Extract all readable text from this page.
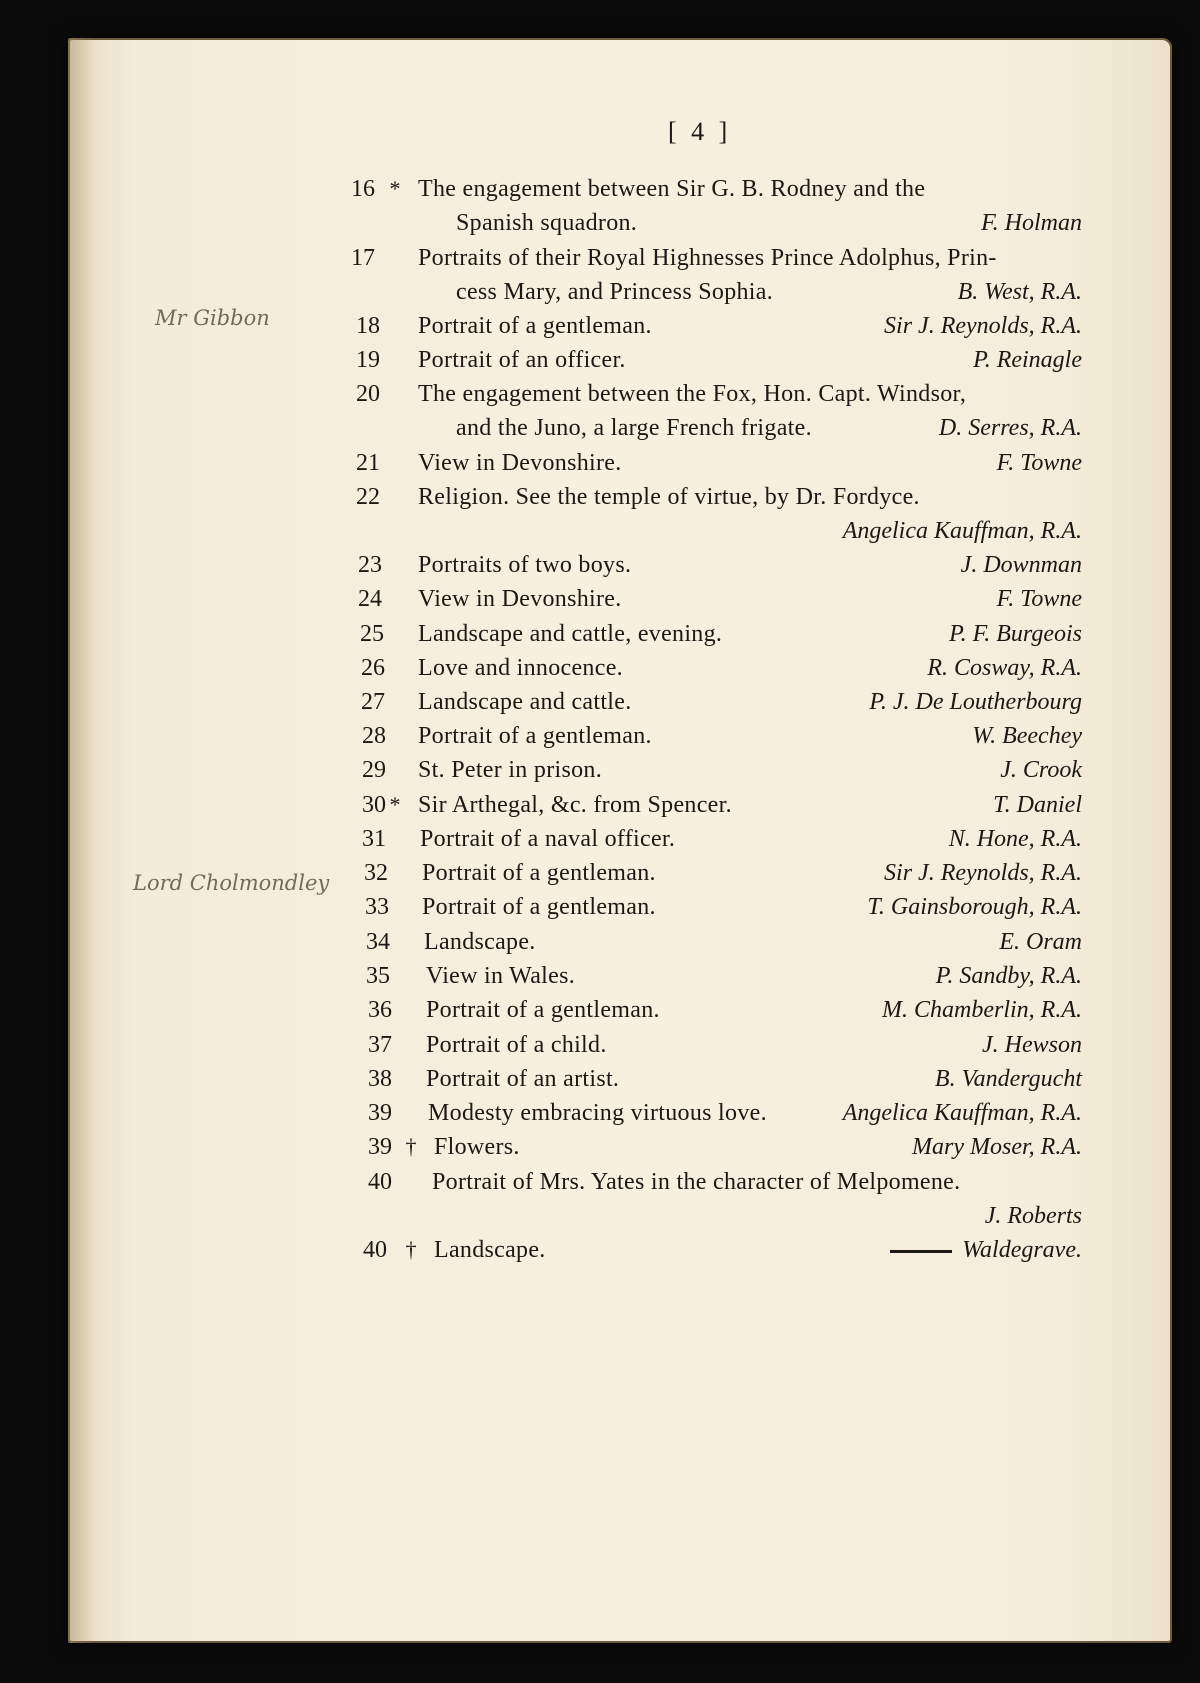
[ 4 ]
Mr Gibbon
Lord Cholmondley
16 * The engagement between Sir G. B. Rodney and the
Spanish squadron.	F. Holman
17	Portraits of their Royal Highnesses Prince Adolphus, Prin-
cess Mary, and Princess Sophia.	B. West, R.A.
18	Portrait of a gentleman.	Sir J. Reynolds, R.A.
19	Portrait of an officer.	P. Reinagle
20	The engagement between the Fox, Hon. Capt. Windsor,
and the Juno, a large French frigate.	D. Serres, R.A.
21	View in Devonshire.	F. Towne
22	Religion. See the temple of virtue, by Dr. Fordyce.
Angelica Kauffman, R.A.
23	Portraits of two boys.	J. Downman
24	View in Devonshire.	F. Towne
25	Landscape and cattle, evening.	P. F. Burgeois
26	Love and innocence.	R. Cosway, R.A.
27	Landscape and cattle.	P. J. De Loutherbourg
28	Portrait of a gentleman.	W. Beechey
29	St. Peter in prison.	J. Crook
30 * Sir Arthegal, &c. from Spencer.	T. Daniel
31	Portrait of a naval officer.	N. Hone, R.A.
32	Portrait of a gentleman.	Sir J. Reynolds, R.A.
33	Portrait of a gentleman.	T. Gainsborough, R.A.
34	Landscape.	E. Oram
35	View in Wales.	P. Sandby, R.A.
36	Portrait of a gentleman.	M. Chamberlin, R.A.
37	Portrait of a child.	J. Hewson
38	Portrait of an artist.	B. Vandergucht
39	Modesty embracing virtuous love.	Angelica Kauffman, R.A.
39 † Flowers.	Mary Moser, R.A.
40	Portrait of Mrs. Yates in the character of Melpomene.
J. Roberts
40 † Landscape.	Waldegrave.
